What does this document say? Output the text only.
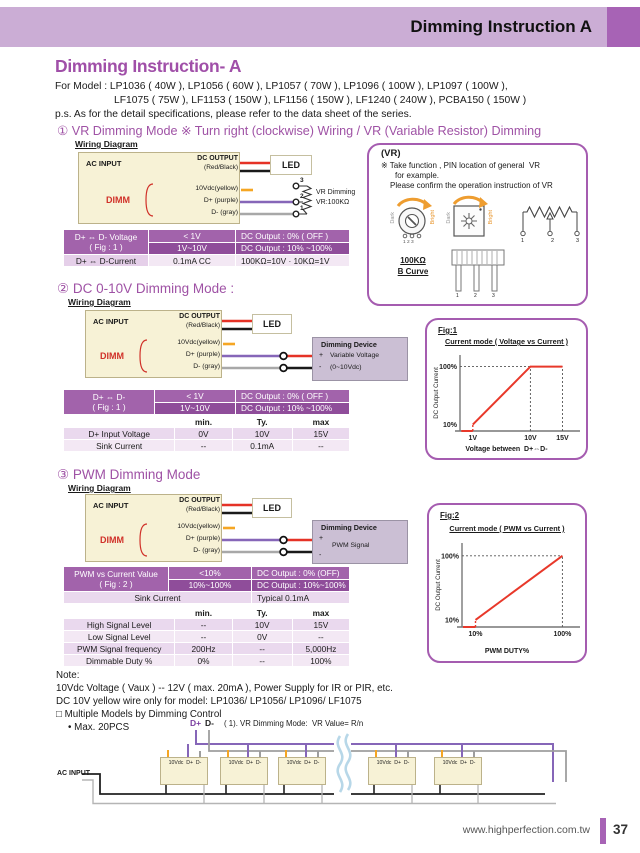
Dimming Instruction A
Dimming Instruction- A
For Model : LP1036 ( 40W ), LP1056 ( 60W ), LP1057 ( 70W ), LP1096 ( 100W ), LP1097 ( 100W ),
LF1075 ( 75W ), LF1153 ( 150W ), LF1156 ( 150W ), LF1240 ( 240W ), PCBA150 ( 150W )
p.s. As for the detail specifications, please refer to the data sheet of the series.
① VR Dimming Mode ※ Turn right (clockwise) Wiring / VR (Variable Resistor) Dimming
Wiring Diagram
AC INPUT
DC OUTPUT
(Red/Black)	LED
DIMM
10Vdc(yellow)
D+ (purple)
D- (gray)
3
2
1
VR Dimming
VR:100KΩ
D+ ⇔ D- Voltage
( Fig : 1 )	< 1V	DC Output : 0% ( OFF )
	1V~10V	DC Output : 10% ~100%
D+ ⇔ D-Current	0.1mA CC	100KΩ=10V · 10KΩ=1V
(VR)
※ Take function , PIN location of general  VR
for example.
Please confirm the operation instruction of VR
Dark	Bright Dark	Bright
1 2 3
100KΩ
B Curve
1	2	3
1	2	3
② DC 0-10V Dimming Mode :
Wiring Diagram
AC INPUT
DC OUTPUT
(Red/Black)	LED
DIMM
10Vdc(yellow)
D+ (purple)
D- (gray)
Dimming Device
+ Variable Voltage
- (0~10Vdc)
D+ ⇔ D-
( Fig : 1 )	< 1V	DC Output : 0% ( OFF )
	1V~10V	DC Output : 10% ~100%
	min.	Ty.	max
D+ Input Voltage	0V	10V	15V
Sink Current	--	0.1mA	--
Fig:1
Current mode ( Voltage vs Current )
1V	10V	15V
10%
100%
DC Output Current
Voltage between  D+⇔D-
③ PWM Dimming Mode
Wiring Diagram
AC INPUT
DC OUTPUT
(Red/Black)	LED
DIMM
10Vdc(yellow)
D+ (purple)
D- (gray)
Dimming Device
+
PWM Signal
-
PWM vs Current Value
( Fig : 2 )	<10%	DC Output : 0% (OFF)
	10%~100%	DC Output : 10%~100%
Sink Current		Typical 0.1mA
	min.	Ty.	max
High Signal Level	--	10V	15V
Low Signal Level	--	0V	--
PWM Signal frequency	200Hz	--	5,000Hz
Dimmable Duty %	0%	--	100%
Fig:2
Current mode ( PWM vs Current )
10%	100%
10%
100%
DC Output Current
PWM DUTY%
Note:
10Vdc Voltage ( Vaux ) -- 12V ( max. 20mA ), Power Supply for IR or PIR, etc.
DC 10V yellow wire only for model: LP1036/ LP1056/ LP1096/ LF1075
□ Multiple Models by Dimming Control
• Max. 20PCS	D+ D- ( 1). VR Dimming Mode:  VR Value= R/n
AC INPUT
10Vdc  D+  D-	10Vdc  D+  D-	10Vdc  D+  D-	10Vdc  D+  D-	10Vdc  D+  D-
www.highperfection.com.tw 37
